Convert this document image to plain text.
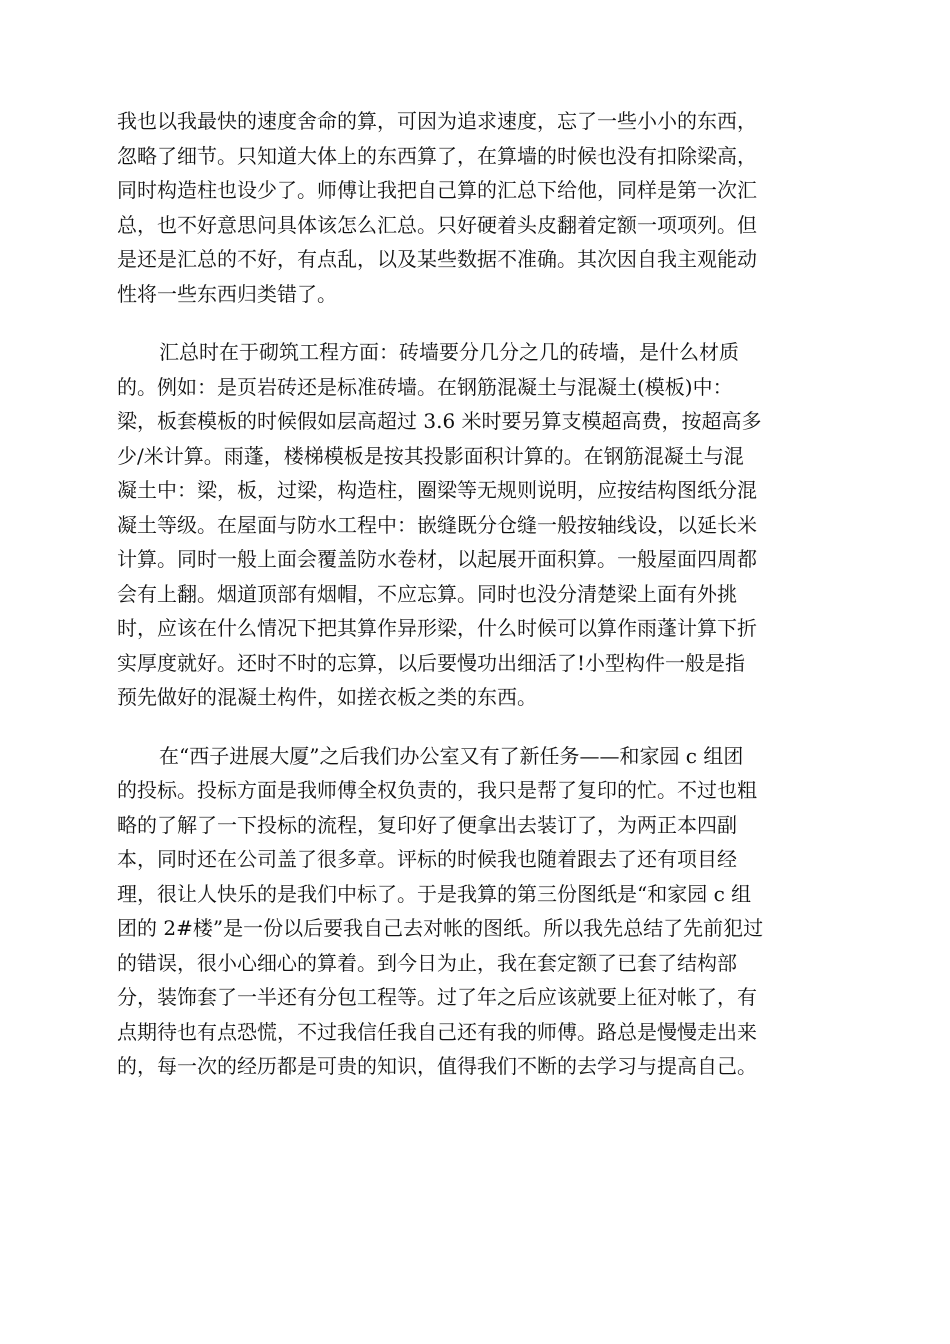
我也以我最快的速度舍命的算，可因为追求速度，忘了一些小小的东西，
忽略了细节。只知道大体上的东西算了，在算墙的时候也没有扣除梁高，
同时构造柱也设少了。师傅让我把自己算的汇总下给他，同样是第一次汇
总，也不好意思问具体该怎么汇总。只好硬着头皮翻着定额一项项列。但
是还是汇总的不好，有点乱，以及某些数据不准确。其次因自我主观能动
性将一些东西归类错了。
汇总时在于砌筑工程方面：砖墙要分几分之几的砖墙，是什么材质
的。例如：是页岩砖还是标准砖墙。在钢筋混凝土与混凝土(模板)中：
梁，板套模板的时候假如层高超过 3.6 米时要另算支模超高费，按超高多
少/米计算。雨蓬，楼梯模板是按其投影面积计算的。在钢筋混凝土与混
凝土中：梁，板，过梁，构造柱，圈梁等无规则说明，应按结构图纸分混
凝土等级。在屋面与防水工程中：嵌缝既分仓缝一般按轴线设，以延长米
计算。同时一般上面会覆盖防水卷材，以起展开面积算。一般屋面四周都
会有上翻。烟道顶部有烟帽，不应忘算。同时也没分清楚梁上面有外挑
时，应该在什么情况下把其算作异形梁，什么时候可以算作雨蓬计算下折
实厚度就好。还时不时的忘算，以后要慢功出细活了!小型构件一般是指
预先做好的混凝土构件，如搓衣板之类的东西。
在“西子进展大厦”之后我们办公室又有了新任务——和家园 c 组团
的投标。投标方面是我师傅全权负责的，我只是帮了复印的忙。不过也粗
略的了解了一下投标的流程，复印好了便拿出去装订了，为两正本四副
本，同时还在公司盖了很多章。评标的时候我也随着跟去了还有项目经
理，很让人快乐的是我们中标了。于是我算的第三份图纸是“和家园 c 组
团的 2#楼”是一份以后要我自己去对帐的图纸。所以我先总结了先前犯过
的错误，很小心细心的算着。到今日为止，我在套定额了已套了结构部
分，装饰套了一半还有分包工程等。过了年之后应该就要上征对帐了，有
点期待也有点恐慌，不过我信任我自己还有我的师傅。路总是慢慢走出来
的，每一次的经历都是可贵的知识，值得我们不断的去学习与提高自己。
